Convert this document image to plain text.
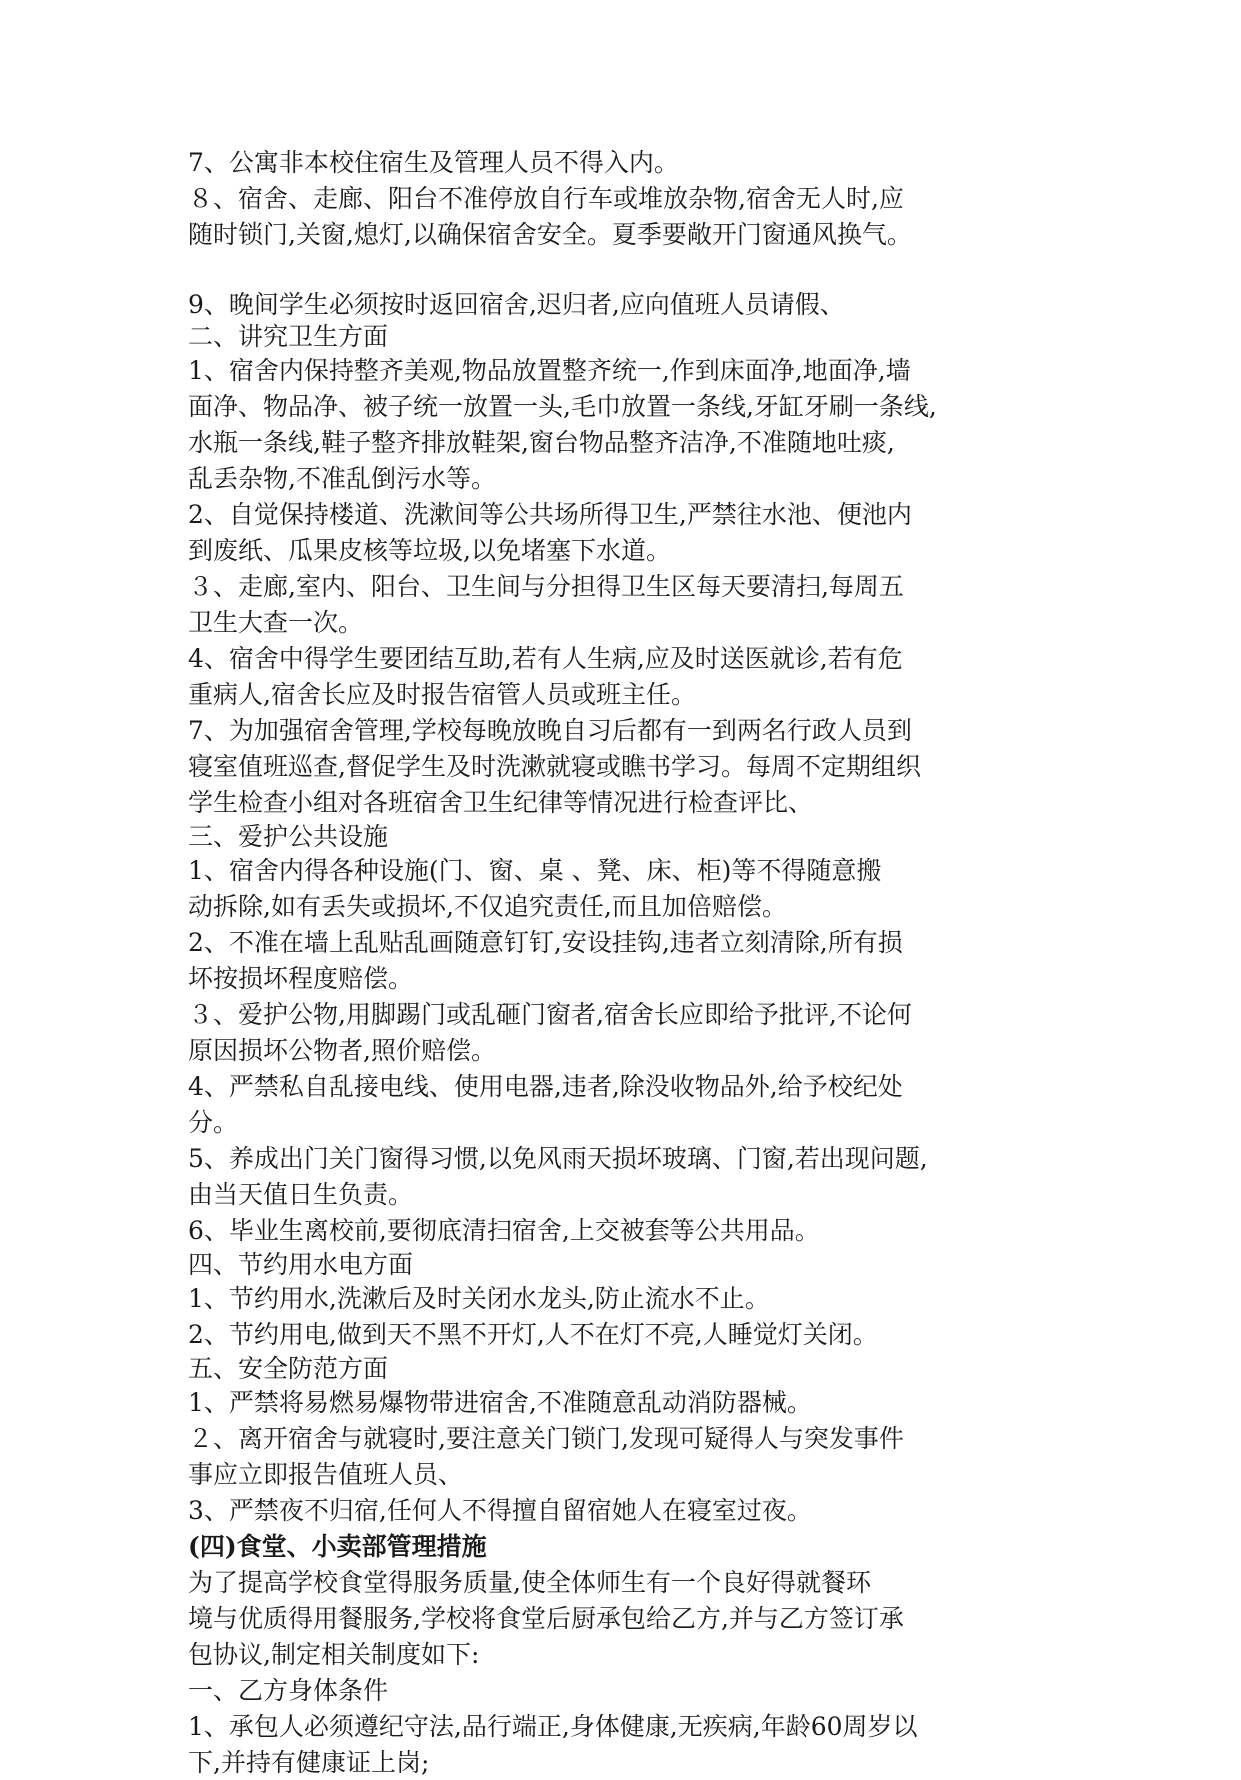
7、公寓非本校住宿生及管理人员不得入内。
８、宿舍、走廊、阳台不准停放自行车或堆放杂物,宿舍无人时,应
随时锁门,关窗,熄灯,以确保宿舍安全。夏季要敞开门窗通风换气。
9、晚间学生必须按时返回宿舍,迟归者,应向值班人员请假、
二、讲究卫生方面
1、宿舍内保持整齐美观,物品放置整齐统一,作到床面净,地面净,墙
面净、物品净、被子统一放置一头,毛巾放置一条线,牙缸牙刷一条线,
水瓶一条线,鞋子整齐排放鞋架,窗台物品整齐洁净,不准随地吐痰,
乱丢杂物,不准乱倒污水等。
2、自觉保持楼道、洗漱间等公共场所得卫生,严禁往水池、便池内
到废纸、瓜果皮核等垃圾,以免堵塞下水道。
３、走廊,室内、阳台、卫生间与分担得卫生区每天要清扫,每周五
卫生大查一次。
4、宿舍中得学生要团结互助,若有人生病,应及时送医就诊,若有危
重病人,宿舍长应及时报告宿管人员或班主任。
7、为加强宿舍管理,学校每晚放晚自习后都有一到两名行政人员到
寝室值班巡查,督促学生及时洗漱就寝或瞧书学习。每周不定期组织
学生检查小组对各班宿舍卫生纪律等情况进行检查评比、
三、爱护公共设施
1、宿舍内得各种设施(门、窗、桌 、凳、床、柜)等不得随意搬
动拆除,如有丢失或损坏,不仅追究责任,而且加倍赔偿。
2、不准在墙上乱贴乱画随意钉钉,安设挂钩,违者立刻清除,所有损
坏按损坏程度赔偿。
３、爱护公物,用脚踢门或乱砸门窗者,宿舍长应即给予批评,不论何
原因损坏公物者,照价赔偿。
4、严禁私自乱接电线、使用电器,违者,除没收物品外,给予校纪处
分。
5、养成出门关门窗得习惯,以免风雨天损坏玻璃、门窗,若出现问题,
由当天值日生负责。
6、毕业生离校前,要彻底清扫宿舍,上交被套等公共用品。
四、节约用水电方面
1、节约用水,洗漱后及时关闭水龙头,防止流水不止。
2、节约用电,做到天不黑不开灯,人不在灯不亮,人睡觉灯关闭。
五、安全防范方面
1、严禁将易燃易爆物带进宿舍,不准随意乱动消防器械。
２、离开宿舍与就寝时,要注意关门锁门,发现可疑得人与突发事件
事应立即报告值班人员、
3、严禁夜不归宿,任何人不得擅自留宿她人在寝室过夜。
(四)食堂、小卖部管理措施
为了提高学校食堂得服务质量,使全体师生有一个良好得就餐环
境与优质得用餐服务,学校将食堂后厨承包给乙方,并与乙方签订承
包协议,制定相关制度如下:
一、乙方身体条件
1、承包人必须遵纪守法,品行端正,身体健康,无疾病,年龄60周岁以
下,并持有健康证上岗;
